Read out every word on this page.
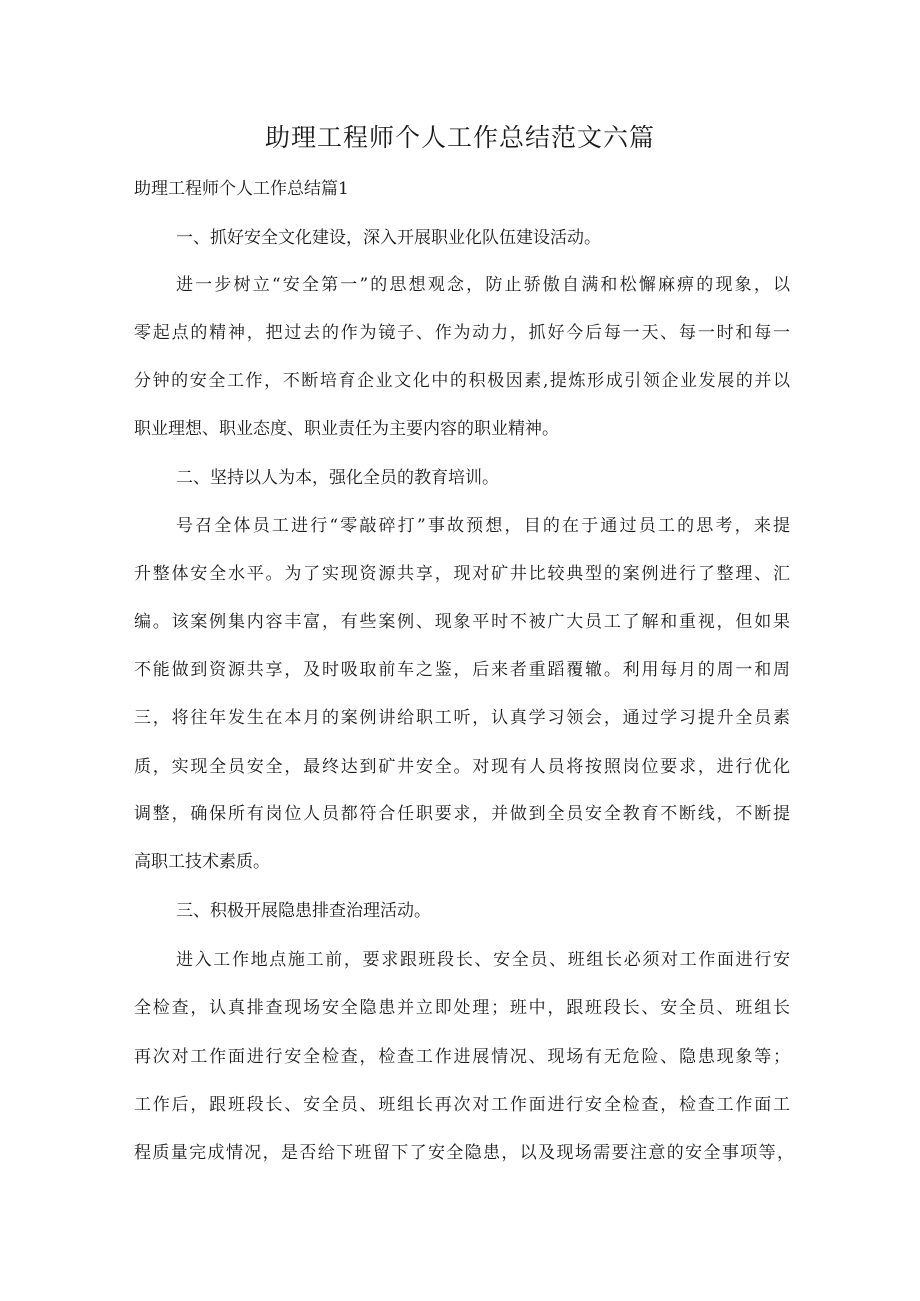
助理工程师个人工作总结范文六篇
助理工程师个人工作总结篇1
一、抓好安全文化建设，深入开展职业化队伍建设活动。
进一步树立“安全第一”的思想观念，防止骄傲自满和松懈麻痹的现象，以
零起点的精神，把过去的作为镜子、作为动力，抓好今后每一天、每一时和每一
分钟的安全工作，不断培育企业文化中的积极因素,提炼形成引领企业发展的并以
职业理想、职业态度、职业责任为主要内容的职业精神。
二、坚持以人为本，强化全员的教育培训。
号召全体员工进行“零敲碎打”事故预想，目的在于通过员工的思考，来提
升整体安全水平。为了实现资源共享，现对矿井比较典型的案例进行了整理、汇
编。该案例集内容丰富，有些案例、现象平时不被广大员工了解和重视，但如果
不能做到资源共享，及时吸取前车之鉴，后来者重蹈覆辙。利用每月的周一和周
三，将往年发生在本月的案例讲给职工听，认真学习领会，通过学习提升全员素
质，实现全员安全，最终达到矿井安全。对现有人员将按照岗位要求，进行优化
调整，确保所有岗位人员都符合任职要求，并做到全员安全教育不断线，不断提
高职工技术素质。
三、积极开展隐患排查治理活动。
进入工作地点施工前，要求跟班段长、安全员、班组长必须对工作面进行安
全检查，认真排查现场安全隐患并立即处理；班中，跟班段长、安全员、班组长
再次对工作面进行安全检查，检查工作进展情况、现场有无危险、隐患现象等；
工作后，跟班段长、安全员、班组长再次对工作面进行安全检查，检查工作面工
程质量完成情况，是否给下班留下了安全隐患，以及现场需要注意的安全事项等，
